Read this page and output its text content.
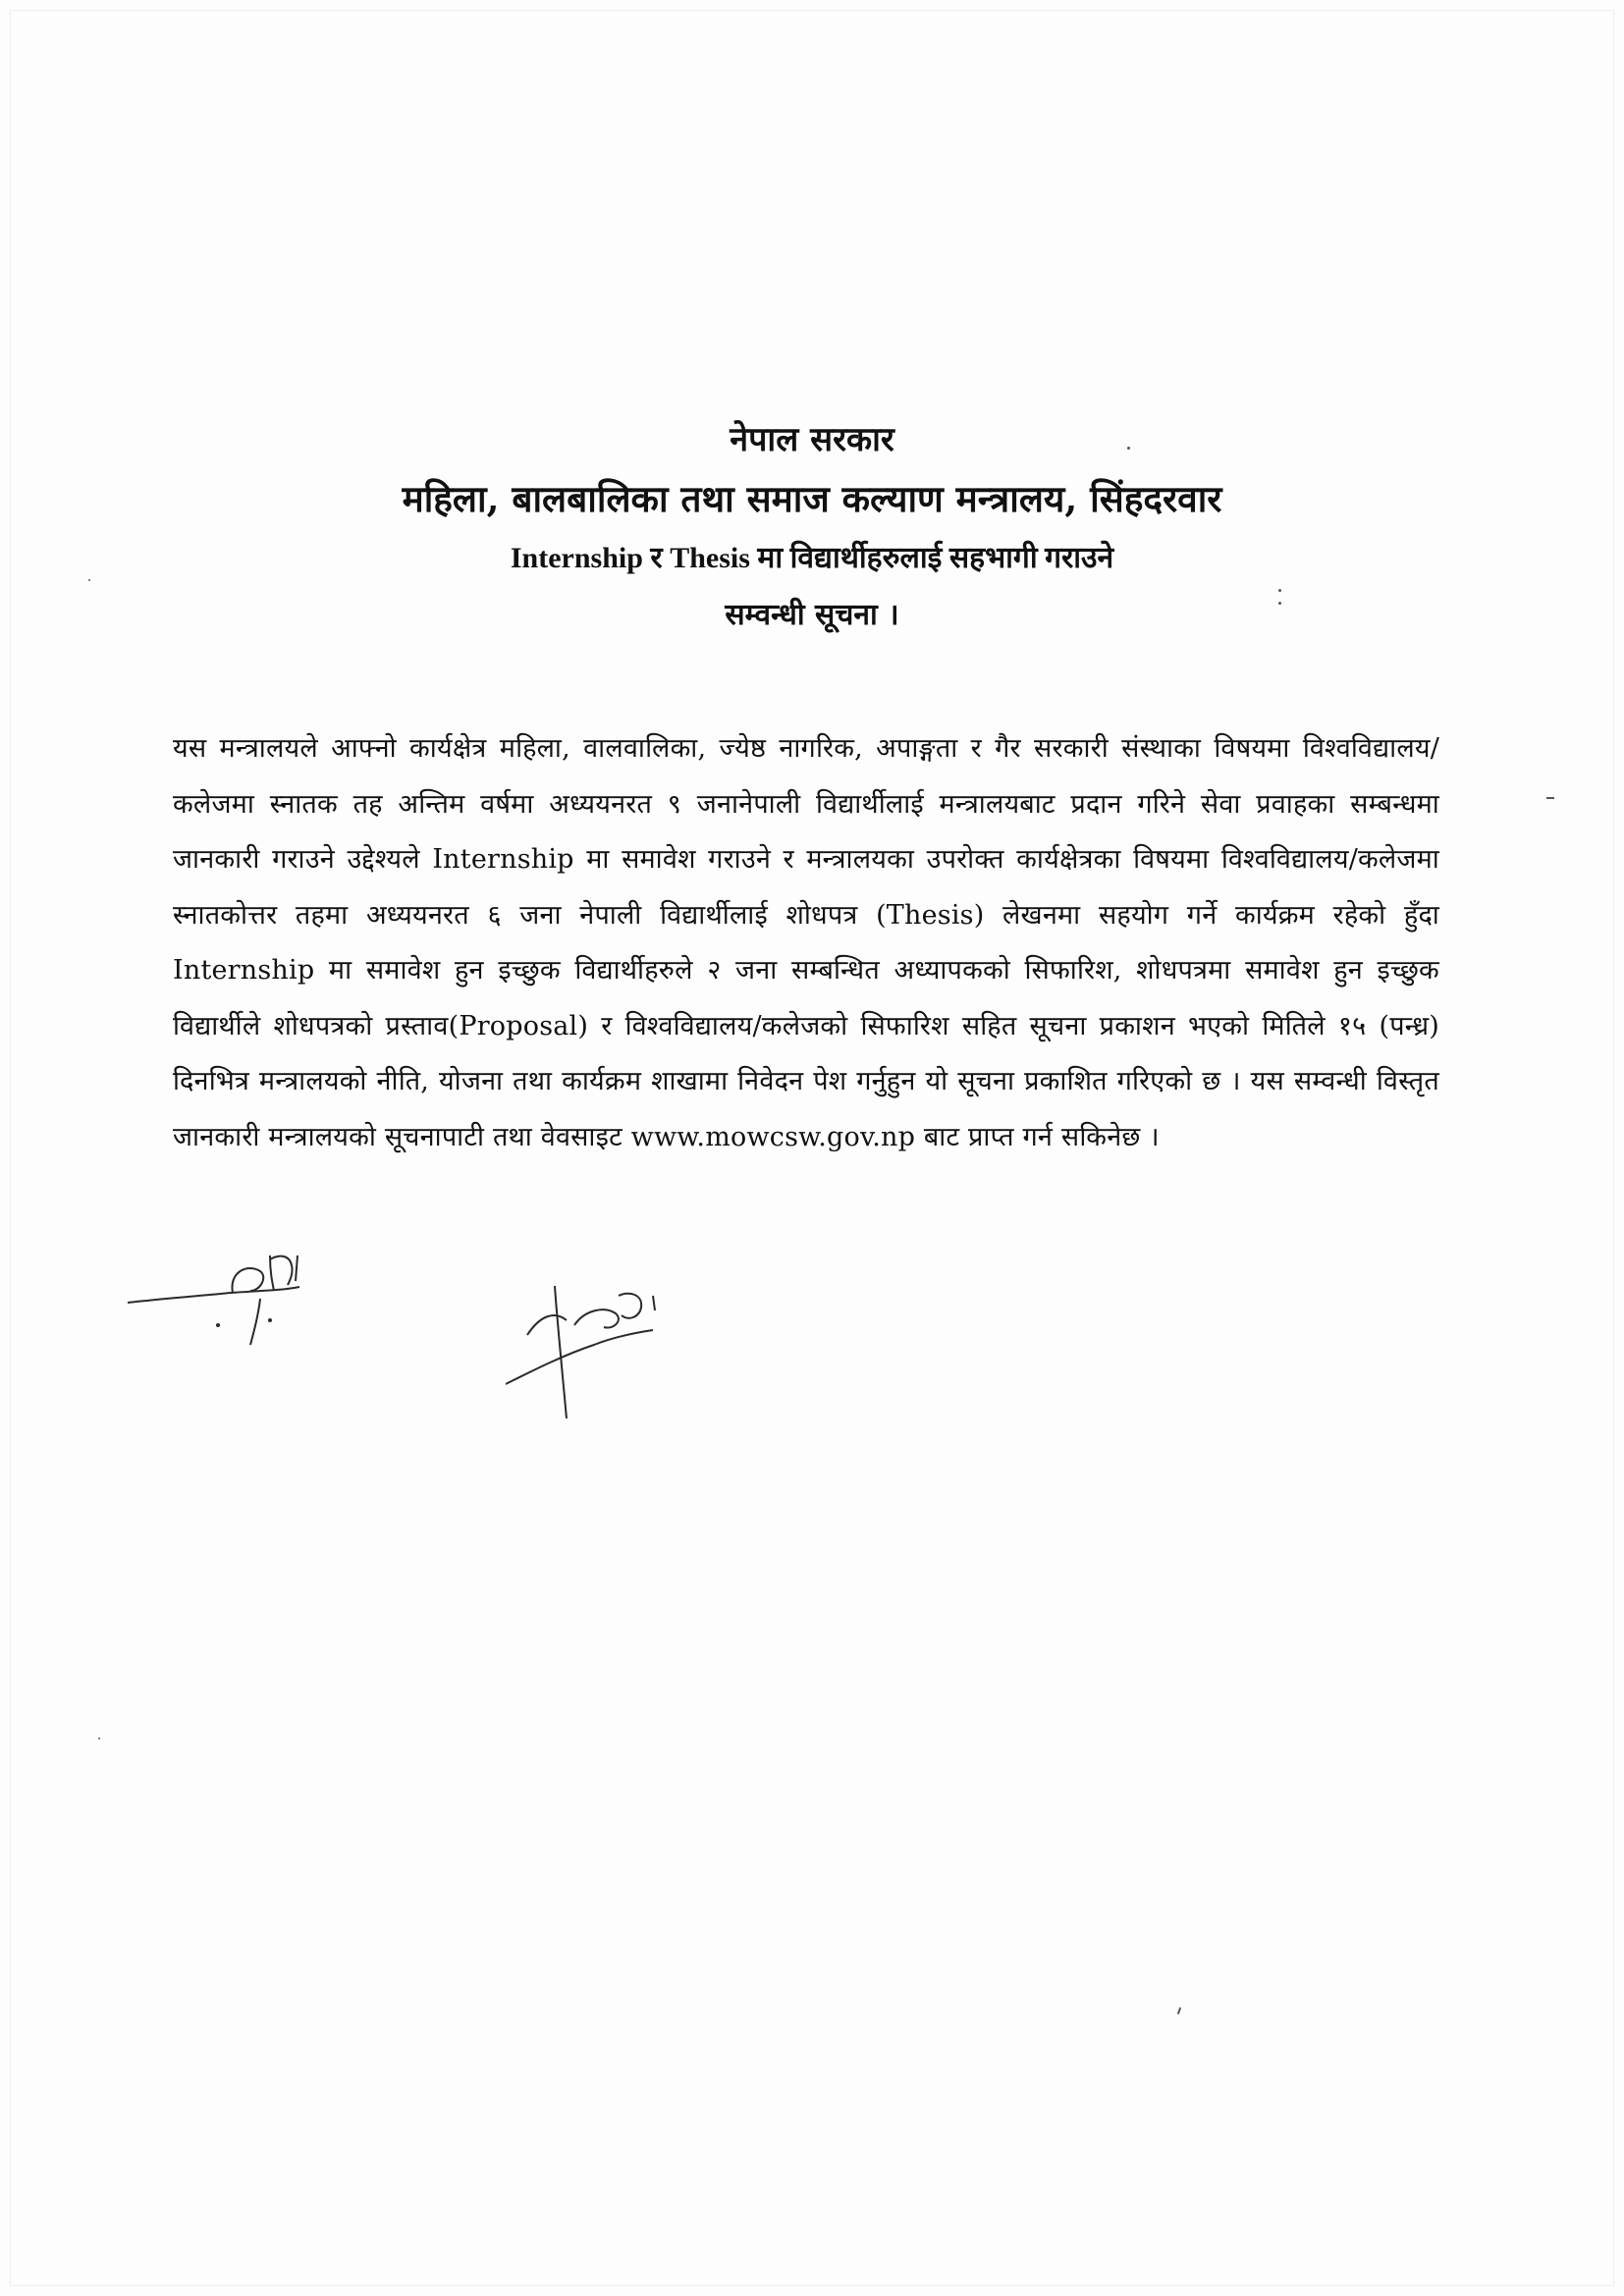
नेपाल सरकार

महिला, बालबालिका तथा समाज कल्याण मन्त्रालय, सिंहदरवार

Internship र Thesis मा विद्यार्थीहरुलाई सहभागी गराउने

सम्वन्धी सूचना ।

यस मन्त्रालयले आफ्नो कार्यक्षेत्र महिला, वालवालिका, ज्येष्ठ नागरिक, अपाङ्गता र गैर सरकारी संस्थाका विषयमा विश्वविद्यालय/कलेजमा स्नातक तह अन्तिम वर्षमा अध्ययनरत ९ जनानेपाली विद्यार्थीलाई मन्त्रालयबाट प्रदान गरिने सेवा प्रवाहका सम्बन्धमा जानकारी गराउने उद्देश्यले Internship मा समावेश गराउने र मन्त्रालयका उपरोक्त कार्यक्षेत्रका विषयमा विश्वविद्यालय/कलेजमा स्नातकोत्तर तहमा अध्ययनरत ६ जना नेपाली विद्यार्थीलाई शोधपत्र (Thesis) लेखनमा सहयोग गर्ने कार्यक्रम रहेको हुँदा Internship मा समावेश हुन इच्छुक विद्यार्थीहरुले २ जना सम्बन्धित अध्यापकको सिफारिश, शोधपत्रमा समावेश हुन इच्छुक विद्यार्थीले शोधपत्रको प्रस्ताव(Proposal) र विश्वविद्यालय/कलेजको सिफारिश सहित सूचना प्रकाशन भएको मितिले १५ (पन्ध्र) दिनभित्र मन्त्रालयको नीति, योजना तथा कार्यक्रम शाखामा निवेदन पेश गर्नुहुन यो सूचना प्रकाशित गरिएको छ । यस सम्वन्धी विस्तृत जानकारी मन्त्रालयको सूचनापाटी तथा वेवसाइट www.mowcsw.gov.np बाट प्राप्त गर्न सकिनेछ ।
